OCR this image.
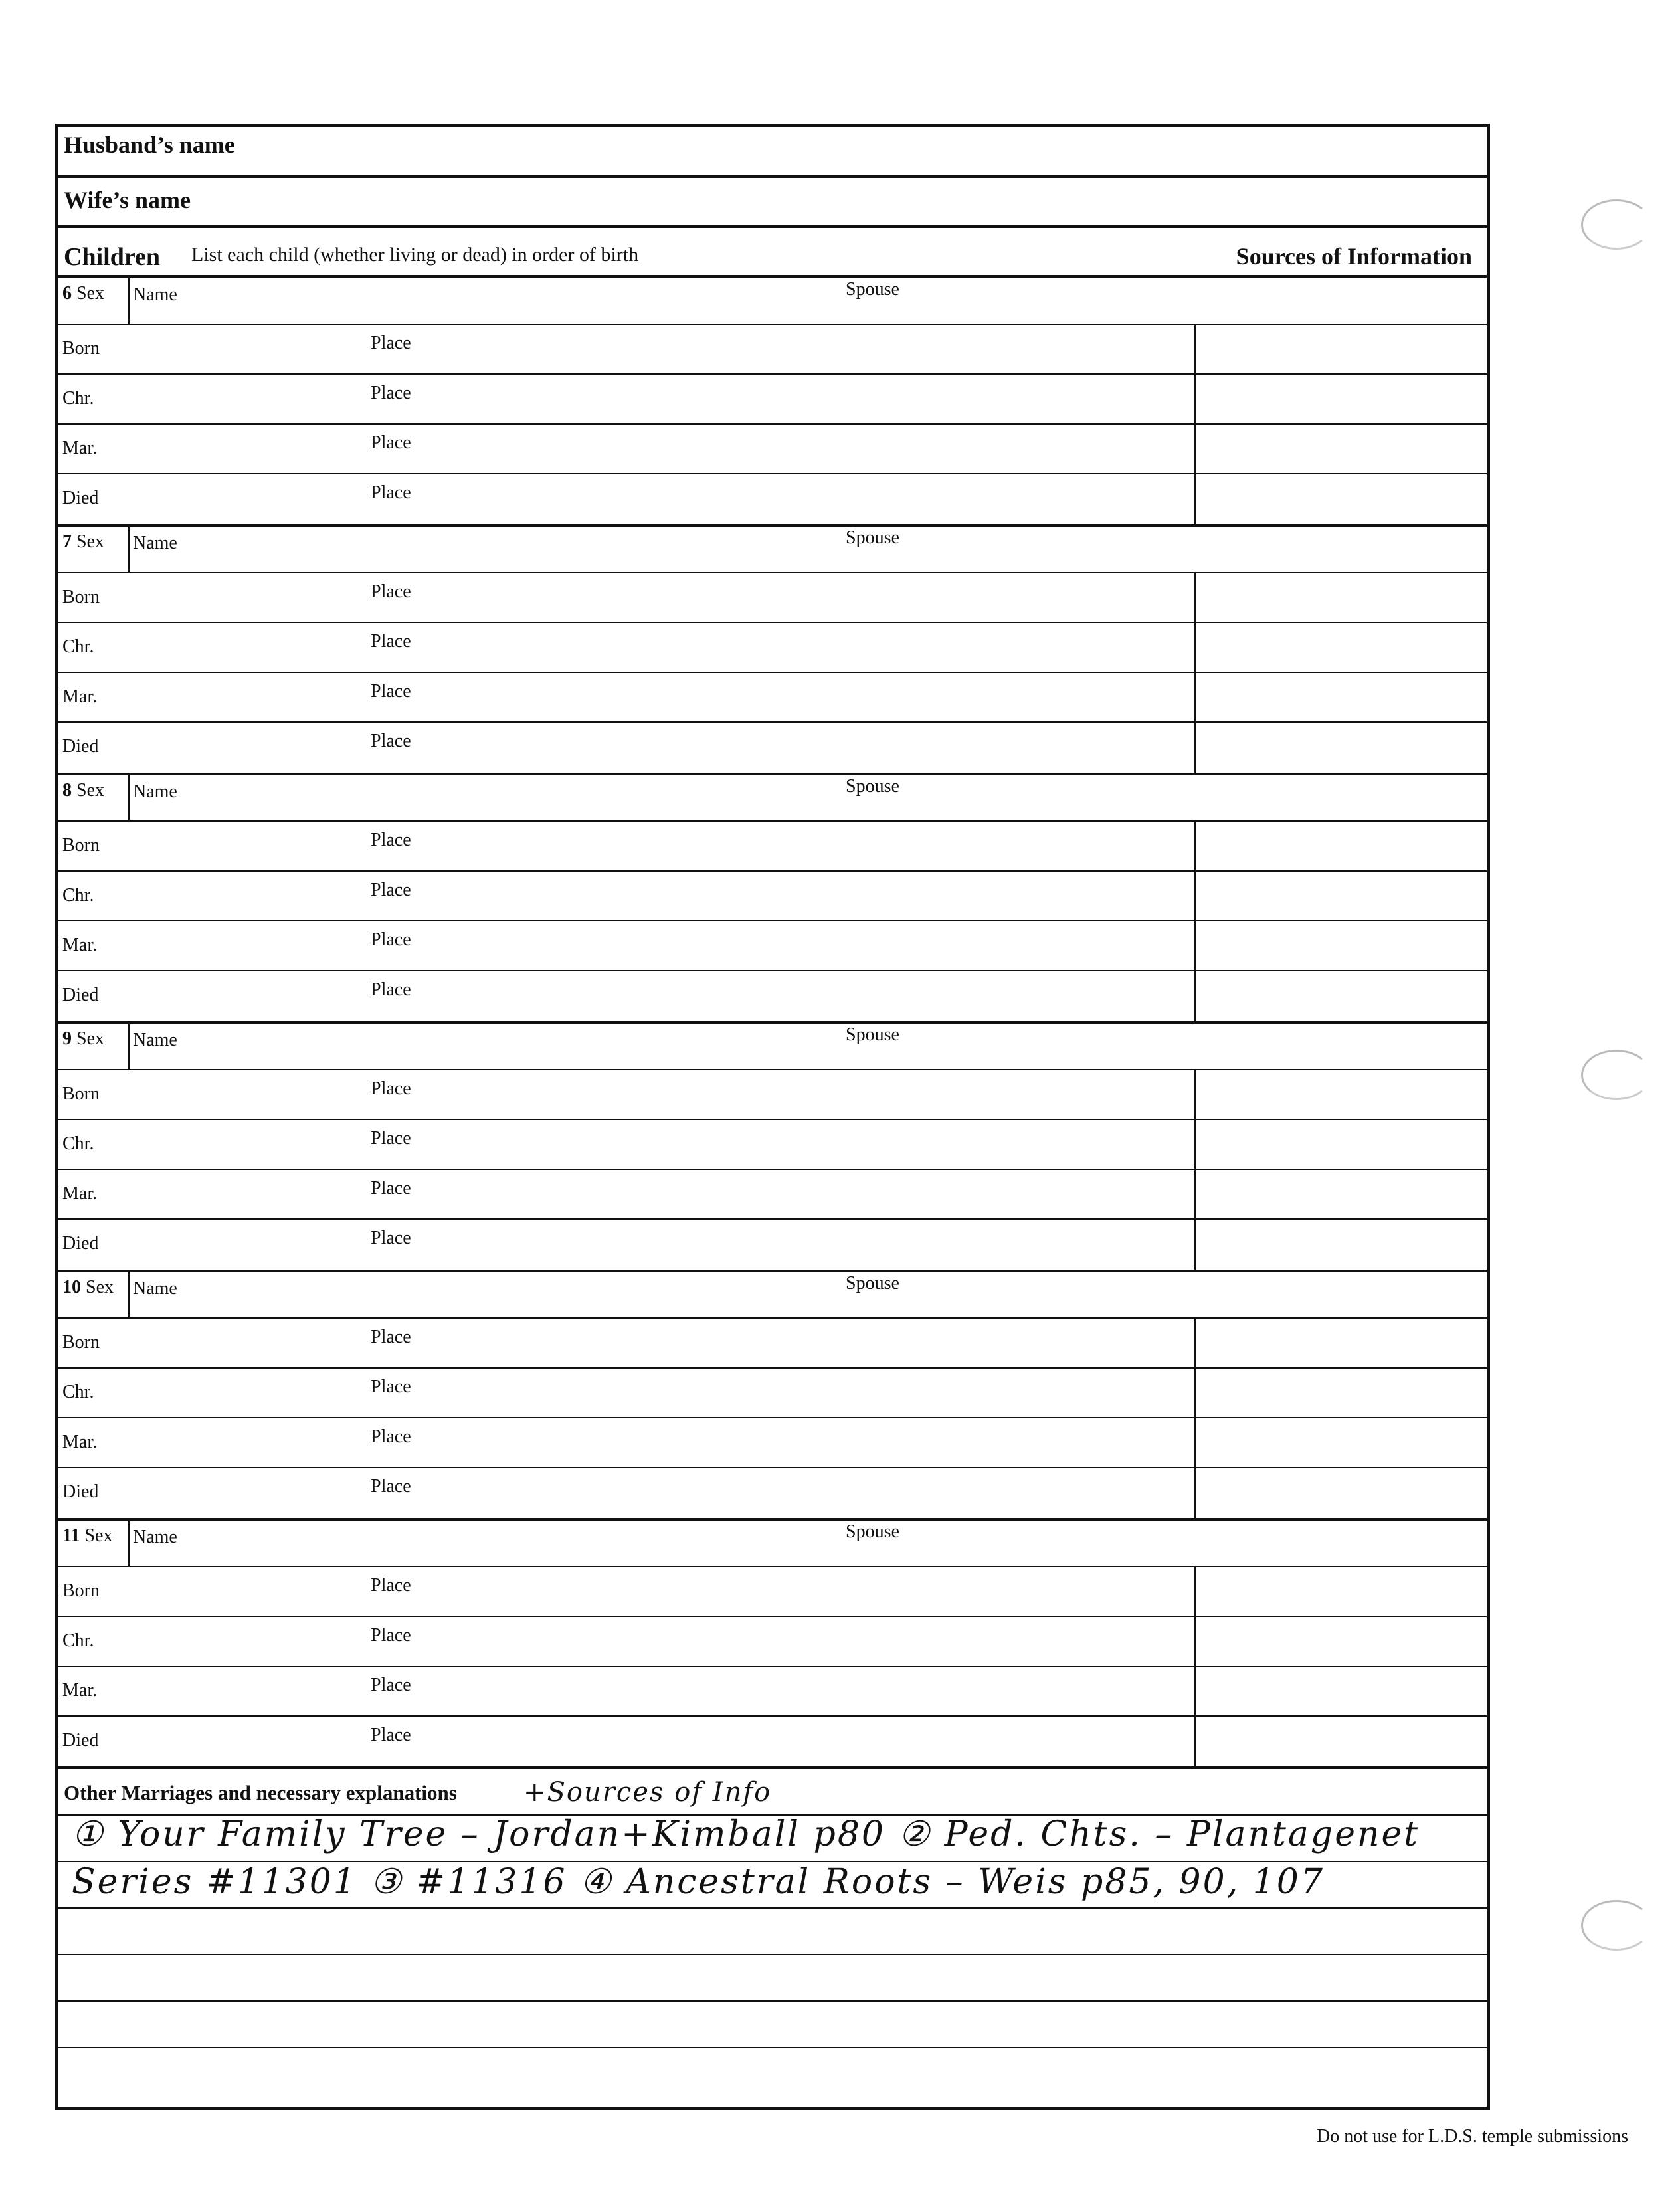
Husband’s name
Wife’s name
Children List each child (whether living or dead) in order of birth	Sources of Information
6 Sex Name	Spouse
Born	Place
Chr.	Place
Mar.	Place
Died	Place
7 Sex Name	Spouse
Born	Place
Chr.	Place
Mar.	Place
Died	Place
8 Sex Name	Spouse
Born	Place
Chr.	Place
Mar.	Place
Died	Place
9 Sex Name	Spouse
Born	Place
Chr.	Place
Mar.	Place
Died	Place
10 Sex Name	Spouse
Born	Place
Chr.	Place
Mar.	Place
Died	Place
11 Sex Name	Spouse
Born	Place
Chr.	Place
Mar.	Place
Died	Place
Other Marriages and necessary explanations	+Sources of Info
① Your Family Tree – Jordan+Kimball p80 ② Ped. Chts. – Plantagenet
Series #11301 ③ #11316 ④ Ancestral Roots – Weis p85, 90, 107
Do not use for L.D.S. temple submissions
